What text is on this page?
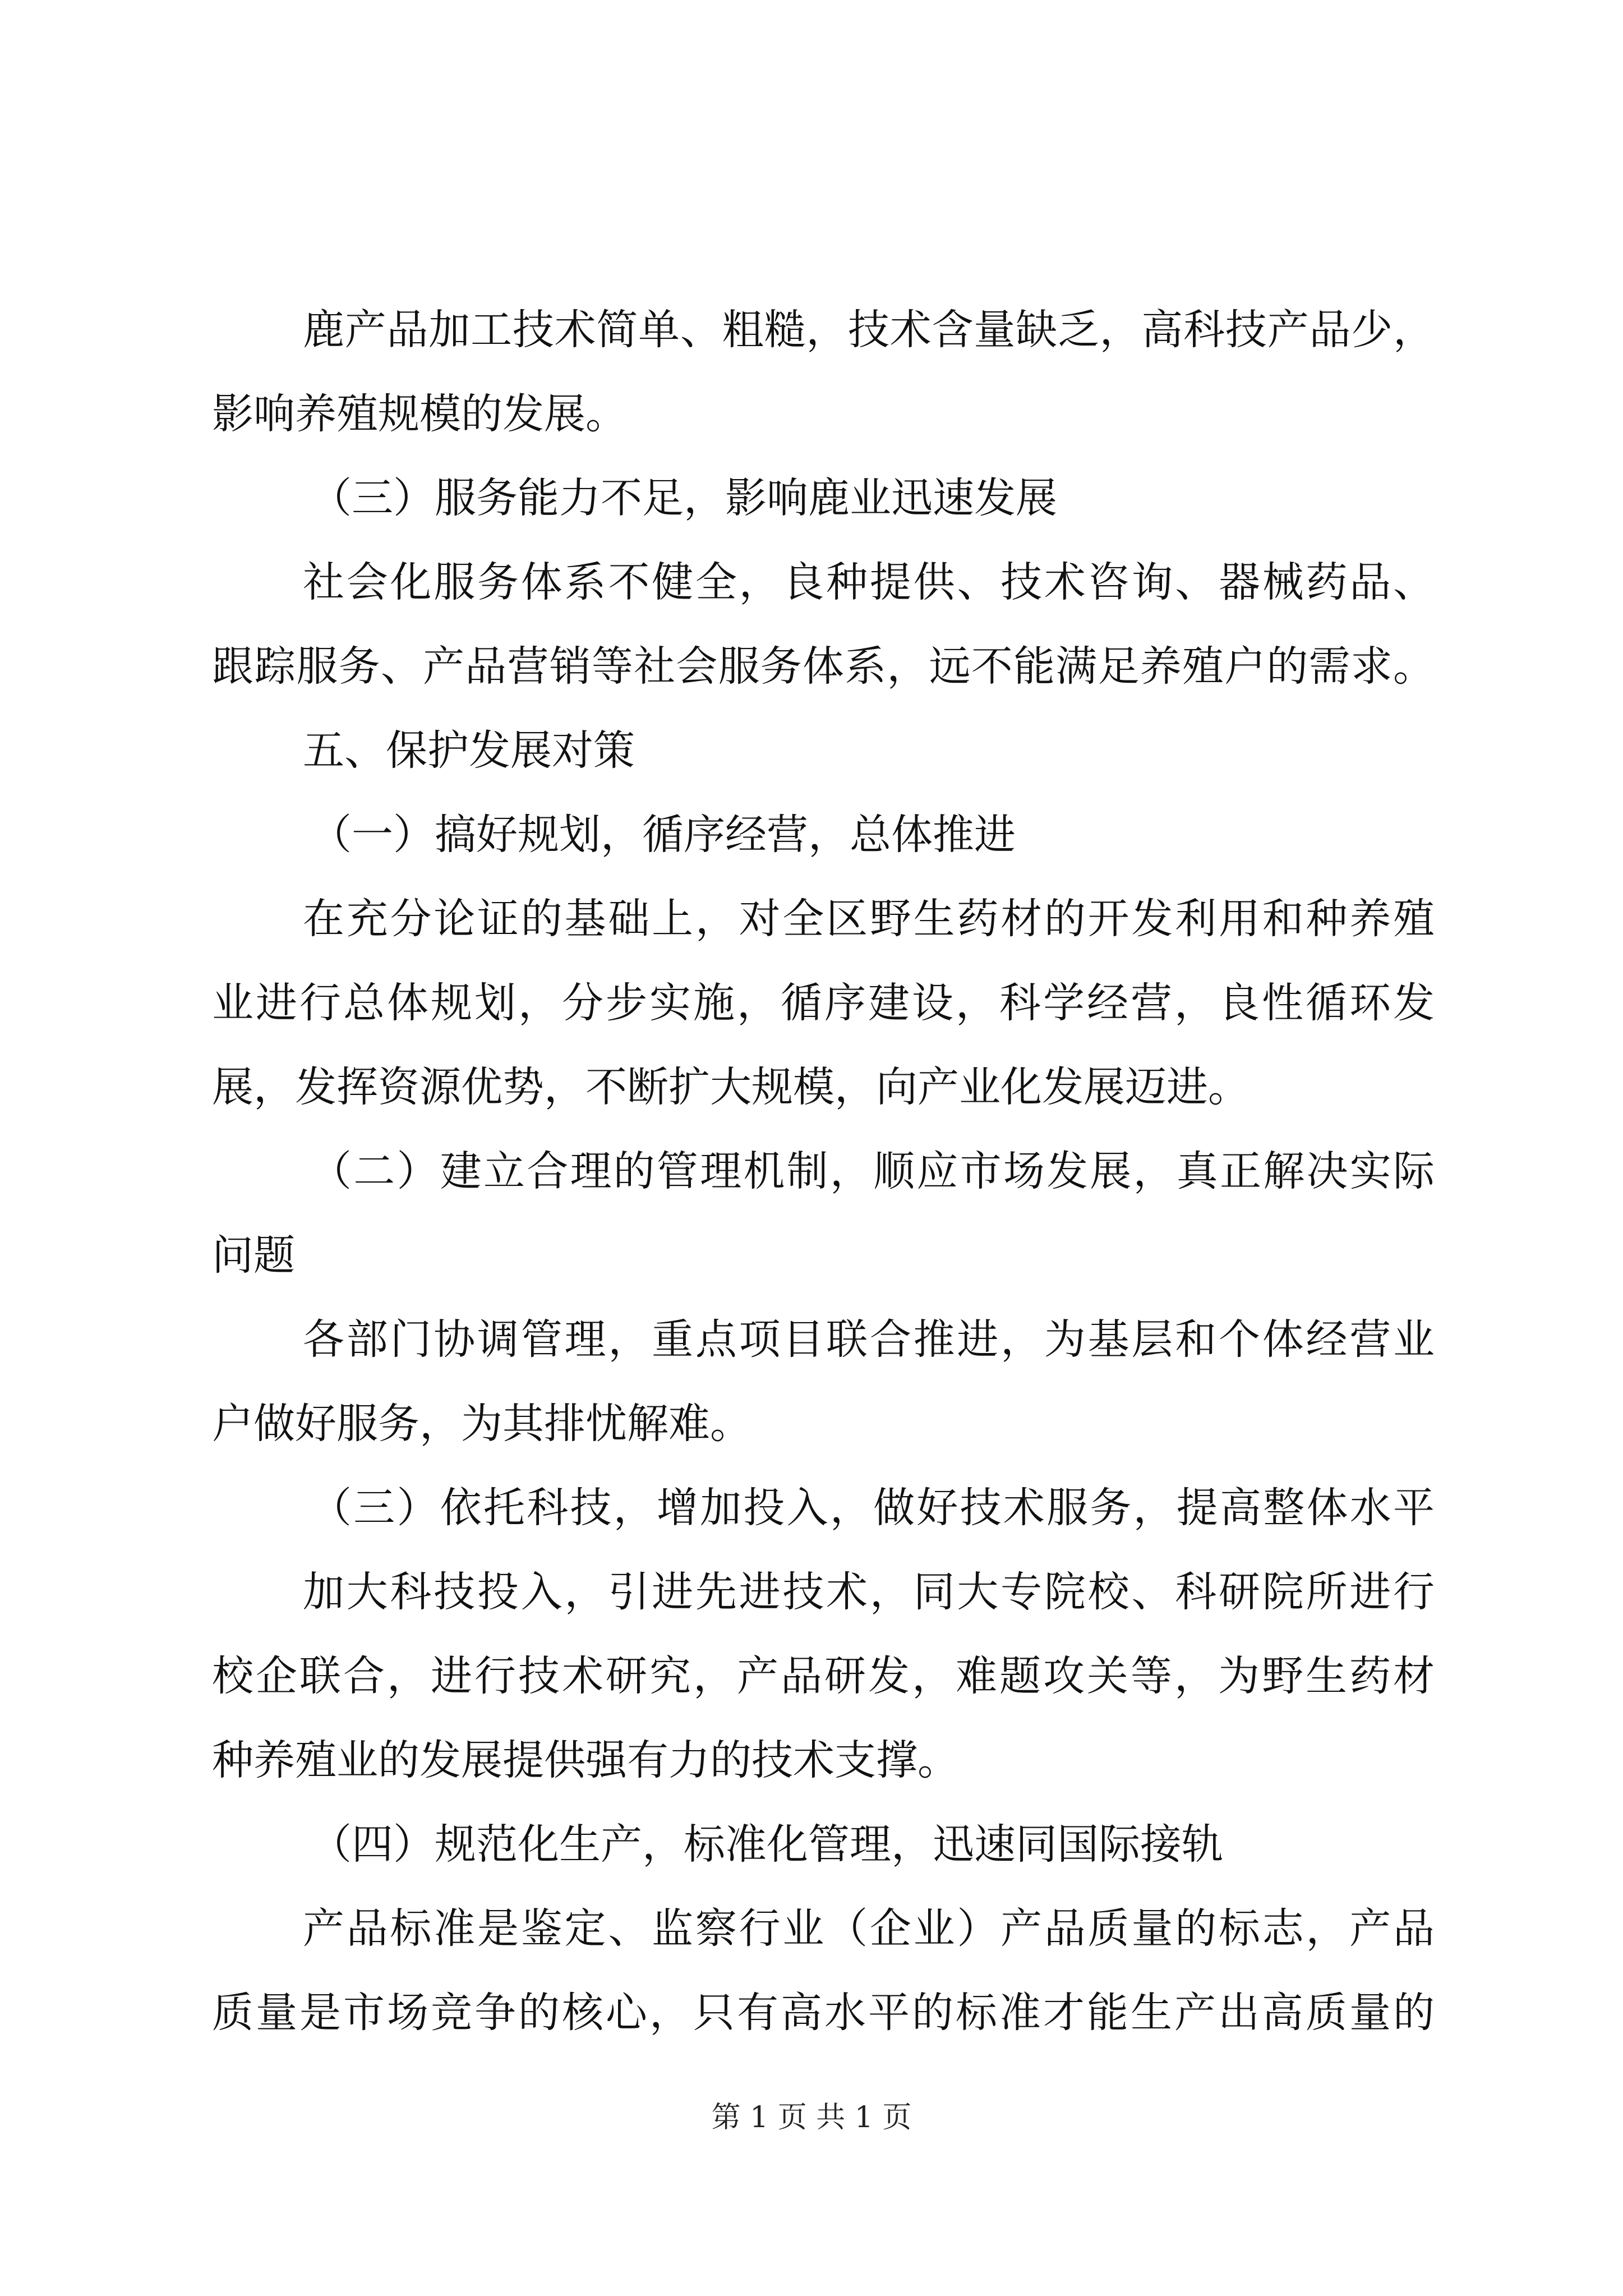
鹿产品加工技术简单、粗糙，技术含量缺乏，高科技产品少，
影响养殖规模的发展。
（三）服务能力不足，影响鹿业迅速发展
社会化服务体系不健全，良种提供、技术咨询、器械药品、
跟踪服务、产品营销等社会服务体系，远不能满足养殖户的需求。
五、保护发展对策
（一）搞好规划，循序经营，总体推进
在充分论证的基础上，对全区野生药材的开发利用和种养殖
业进行总体规划，分步实施，循序建设，科学经营，良性循环发
展，发挥资源优势，不断扩大规模，向产业化发展迈进。
（二）建立合理的管理机制，顺应市场发展，真正解决实际
问题
各部门协调管理，重点项目联合推进，为基层和个体经营业
户做好服务，为其排忧解难。
（三）依托科技，增加投入，做好技术服务，提高整体水平
加大科技投入，引进先进技术，同大专院校、科研院所进行
校企联合，进行技术研究，产品研发，难题攻关等，为野生药材
种养殖业的发展提供强有力的技术支撑。
（四）规范化生产，标准化管理，迅速同国际接轨
产品标准是鉴定、监察行业（企业）产品质量的标志，产品
质量是市场竞争的核心，只有高水平的标准才能生产出高质量的
第 1 页 共 1 页
